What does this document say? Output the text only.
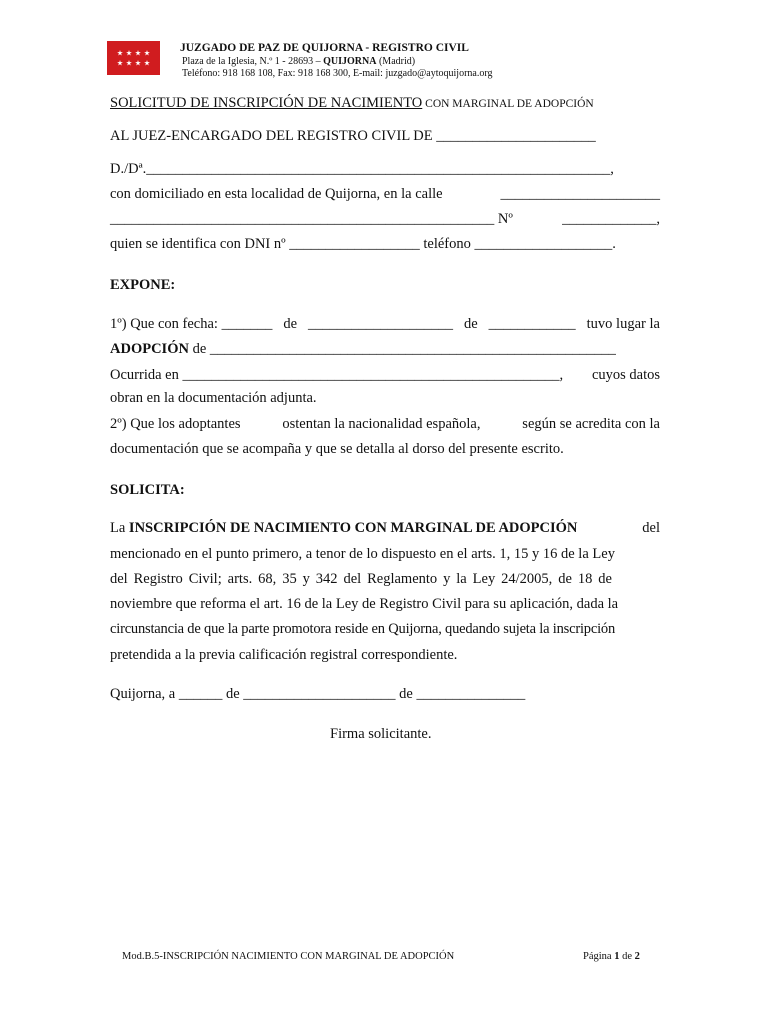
JUZGADO DE PAZ DE QUIJORNA - REGISTRO CIVIL
Plaza de la Iglesia, N.º 1 - 28693 – QUIJORNA (Madrid)
Teléfono: 918 168 108, Fax: 918 168 300, E-mail: juzgado@aytoquijorna.org
SOLICITUD DE INSCRIPCIÓN DE NACIMIENTO CON MARGINAL DE ADOPCIÓN
AL JUEZ-ENCARGADO DEL REGISTRO CIVIL DE ______________________
D./Dª.________________________________________________________________,
con domiciliado en esta localidad de Quijorna, en la calle	______________________
_____________________________________________________ Nº	_____________,
quien se identifica con DNI nº __________________ teléfono ___________________.
EXPONE:
1º) Que con fecha: _______ de ____________________ de ____________ tuvo lugar la
ADOPCIÓN de ________________________________________________________
Ocurrida en ____________________________________________________, cuyos datos
obran en la documentación adjunta.
2º) Que los adoptantes	ostentan la nacionalidad española,	según se acredita con la
documentación que se acompaña y que se detalla al dorso del presente escrito.
SOLICITA:
La INSCRIPCIÓN DE NACIMIENTO CON MARGINAL DE ADOPCIÓN	del
mencionado en el punto primero, a tenor de lo dispuesto en el arts. 1, 15 y 16 de la Ley
del Registro Civil; arts. 68, 35 y 342 del Reglamento y la Ley 24/2005, de 18 de
noviembre que reforma el art. 16 de la Ley de Registro Civil para su aplicación, dada la
circunstancia de que la parte promotora reside en Quijorna, quedando sujeta la inscripción
pretendida a la previa calificación registral correspondiente.
Quijorna, a ______ de _____________________ de _______________
Firma solicitante.
Mod.B.5-INSCRIPCIÓN NACIMIENTO CON MARGINAL DE ADOPCIÓN	Página 1 de 2
